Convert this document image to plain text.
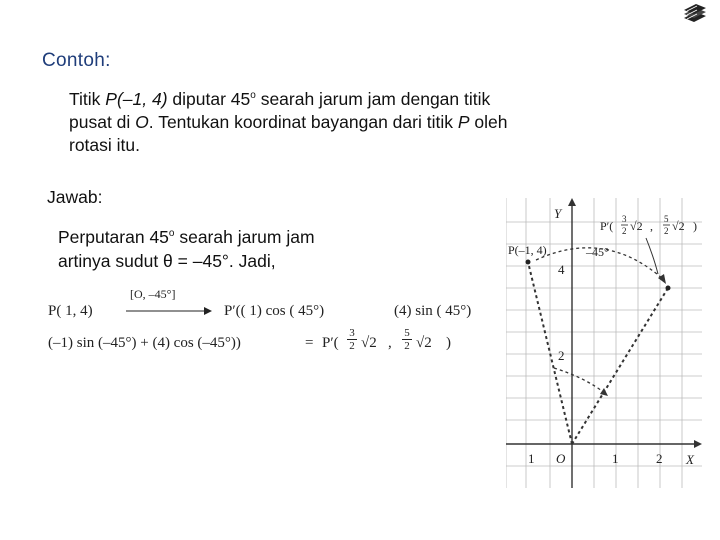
Contoh:
Titik P(–1, 4) diputar 45$^o$ searah jarum jam dengan titik
pusat di O. Tentukan koordinat bayangan dari titik P oleh
rotasi itu.
Jawab:
Perputaran 45$^o$ searah jarum jam
artinya sudut θ = –45°. Jadi,
P( 1, 4)
[O, –45°]
P′(( 1) cos ( 45°)	(4) sin ( 45°)
(–1) sin (–45°) + (4) cos (–45°))	= $P'( \frac{3}{2} √2$ , $\frac{5}{2} √2$ )
Y
X
O
4
2
1	1	2
P(–1, 4)	–45°
P′( 3
2 √2 , 5
2 √2 )
